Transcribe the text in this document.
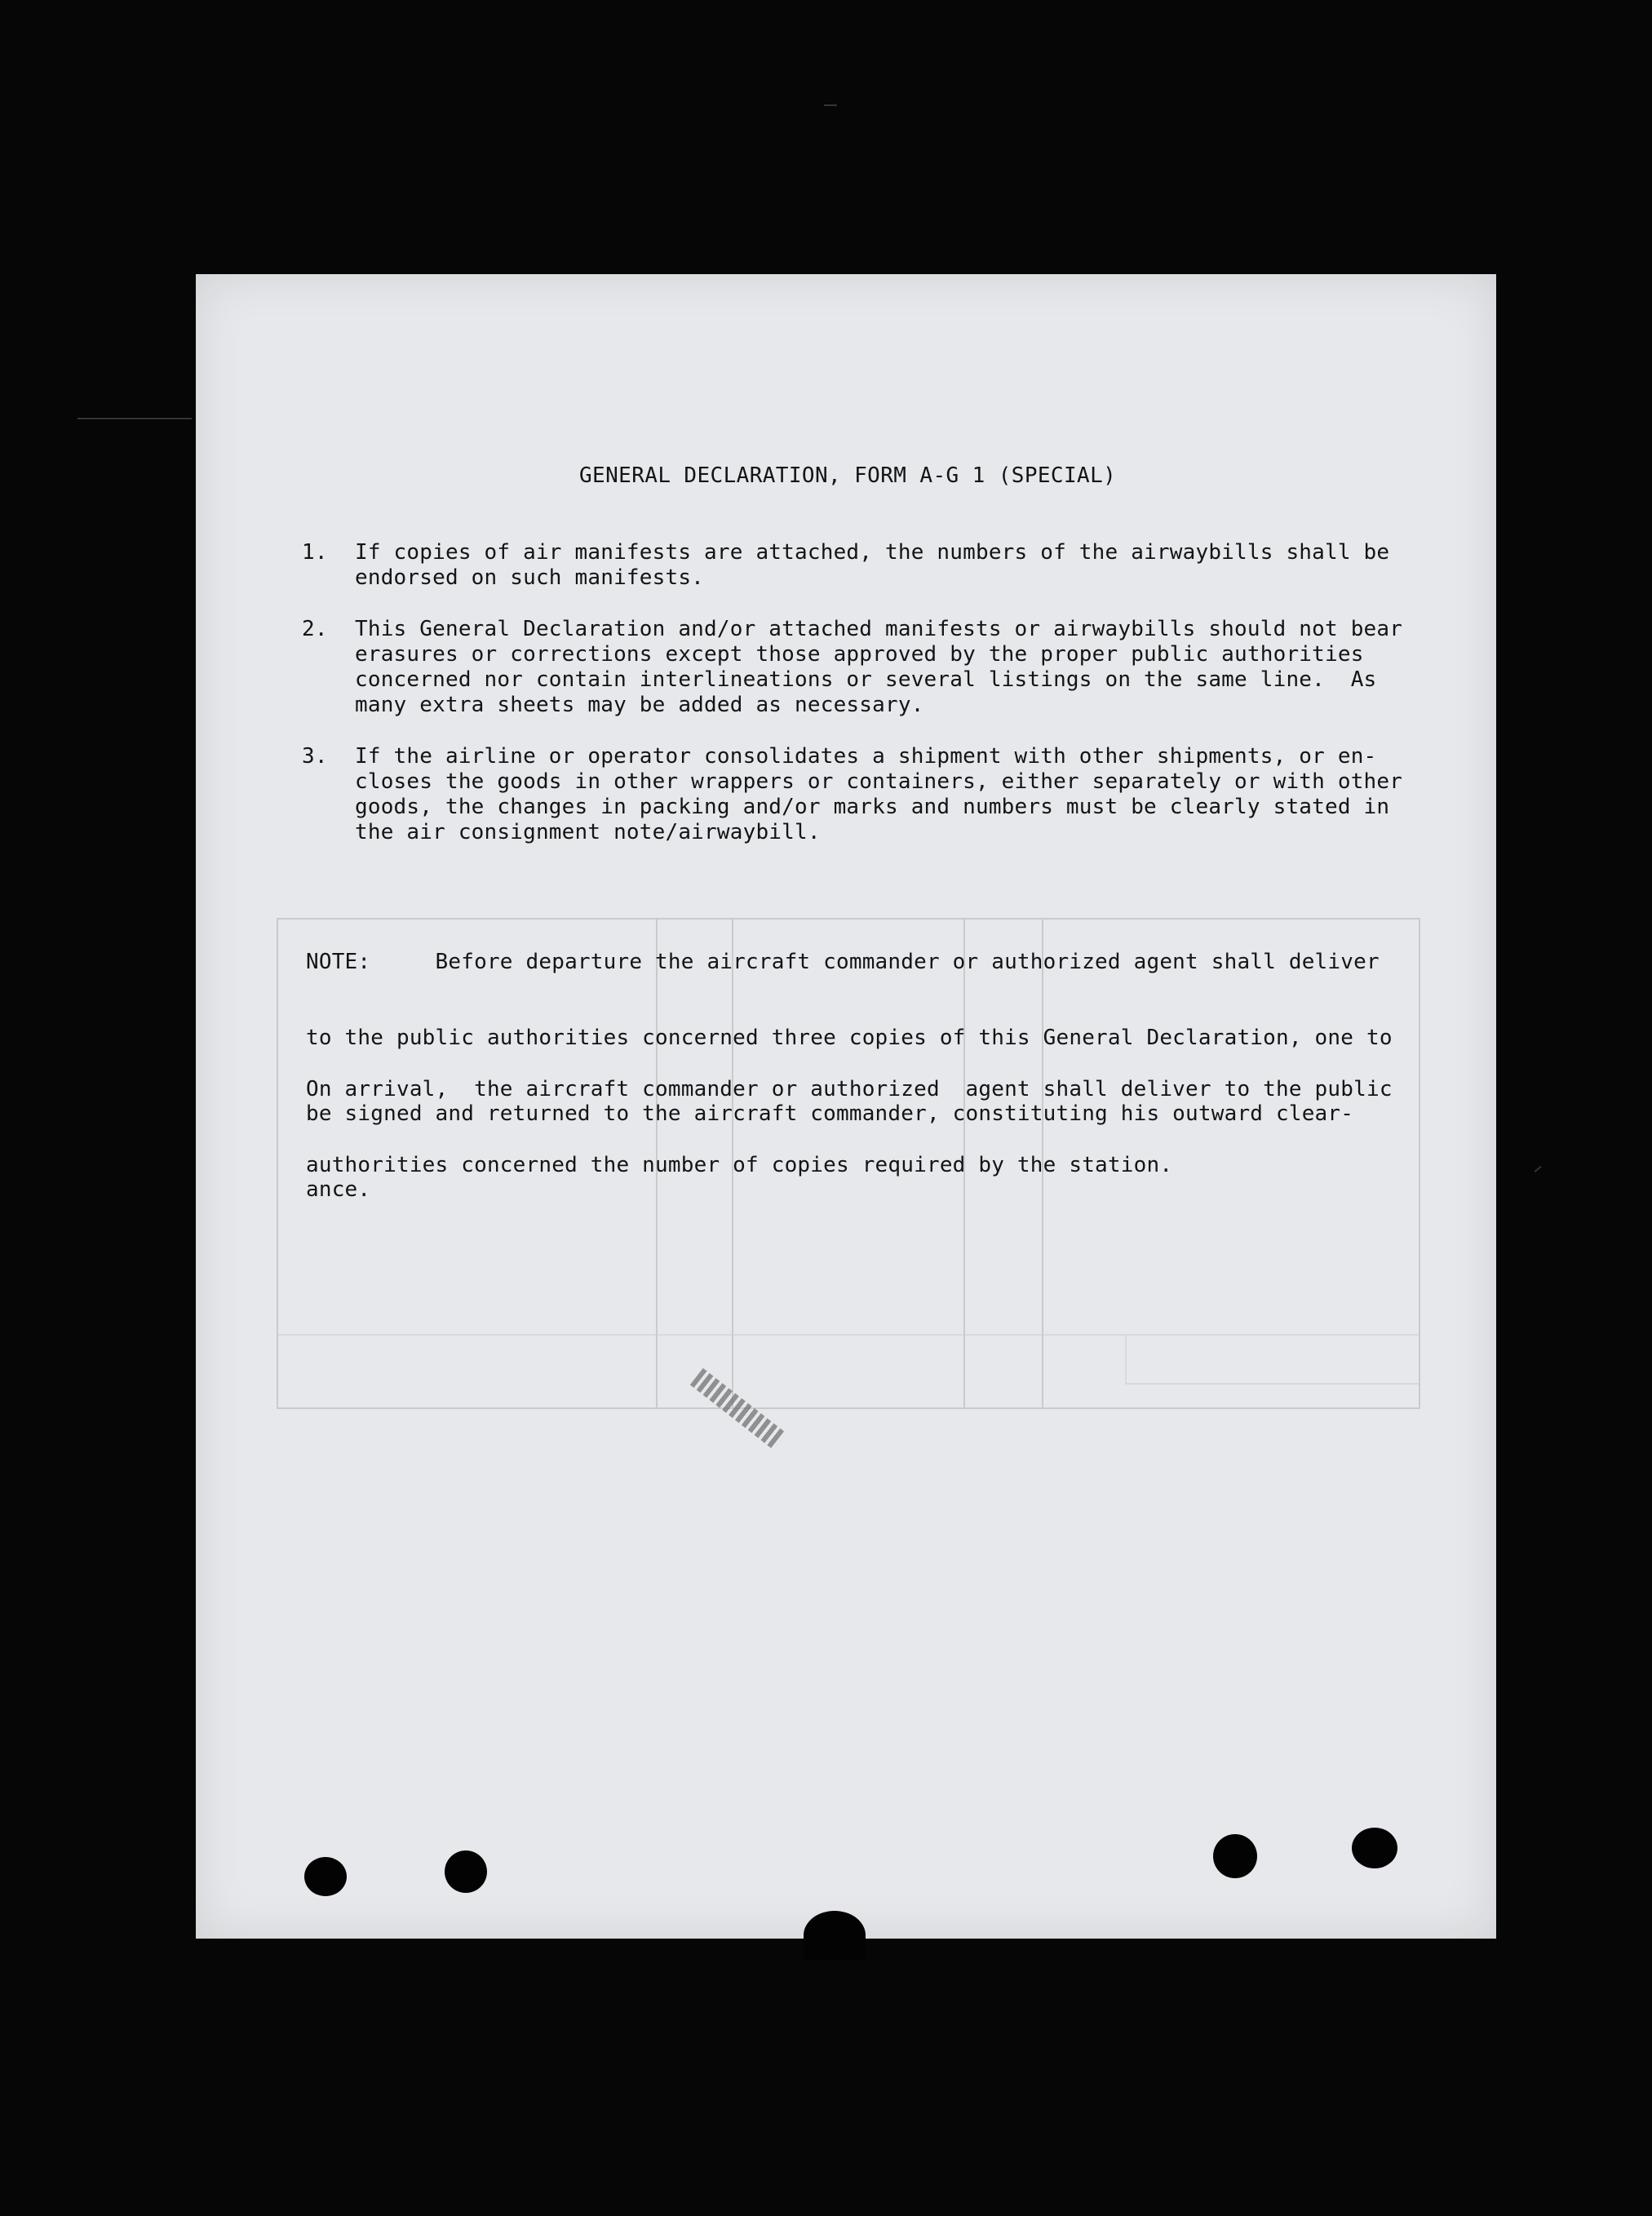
GENERAL DECLARATION, FORM A-G 1 (SPECIAL)
1. If copies of air manifests are attached, the numbers of the airwaybills shall be
endorsed on such manifests.
2. This General Declaration and/or attached manifests or airwaybills should not bear
erasures or corrections except those approved by the proper public authorities
concerned nor contain interlineations or several listings on the same line.  As
many extra sheets may be added as necessary.
3. If the airline or operator consolidates a shipment with other shipments, or en-
closes the goods in other wrappers or containers, either separately or with other
goods, the changes in packing and/or marks and numbers must be clearly stated in
the air consignment note/airwaybill.

NOTE:     Before departure the aircraft commander or authorized agent shall deliver

to the public authorities concerned three copies of this General Declaration, one to

be signed and returned to the aircraft commander, constituting his outward clear-

ance.

On arrival,  the aircraft commander or authorized  agent shall deliver to the public

authorities concerned the number of copies required by the station.
